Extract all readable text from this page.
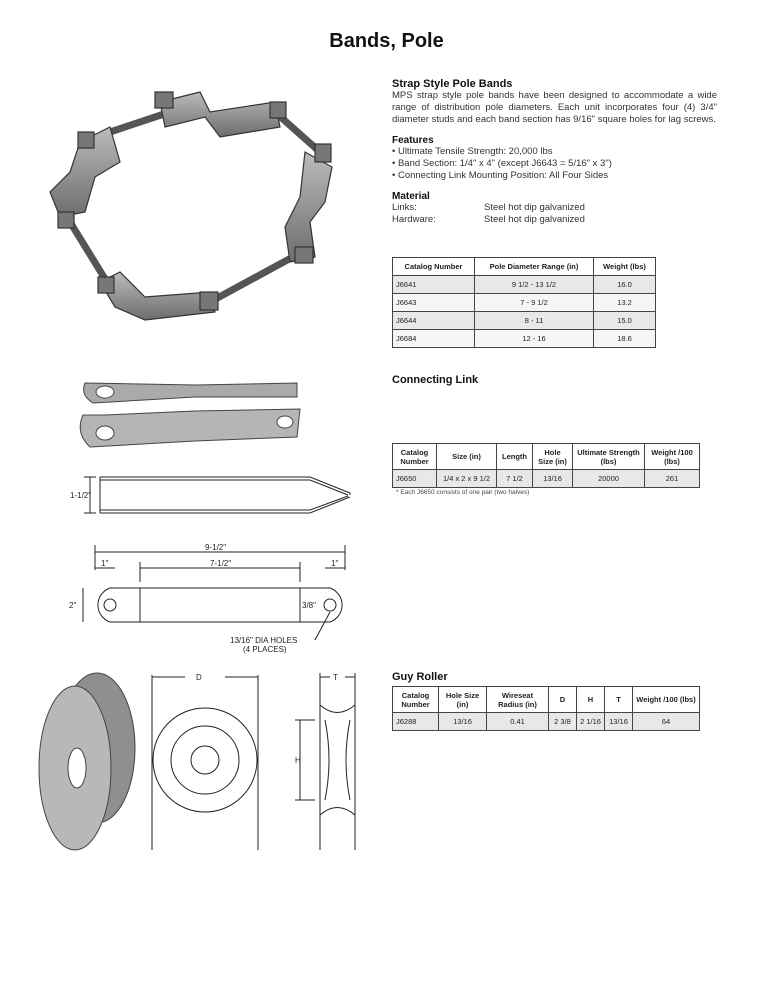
Bands, Pole
Strap Style Pole Bands
MPS strap style pole bands have been designed to accommodate a wide range of distribution pole diameters. Each unit incorporates four (4) 3/4" diameter studs and each band section has 9/16" square holes for lag screws.
Features
• Ultimate Tensile Strength: 20,000 lbs
• Band Section: 1/4" x 4" (except J6643 = 5/16" x 3")
• Connecting Link Mounting Position: All Four Sides
Material
Links:	Steel hot dip galvanized
Hardware:	Steel hot dip galvanized
Catalog Number	Pole Diameter Range (in)	Weight (lbs)
J6641	9 1/2 - 13 1/2	16.0
J6643	7 - 9 1/2	13.2
J6644	8 - 11	15.0
J6684	12 - 16	18.6
1-1/2"
9-1/2"
7-1/2"
1"	1"
2"	3/8"
13/16" DIA HOLES
(4 PLACES)
Connecting Link
Catalog Number	Size (in)	Length	Hole Size (in)	Ultimate Strength (lbs)	Weight /100 (lbs)
J6650	1/4 x 2 x 9 1/2	7 1/2	13/16	20000	261
* Each J6650 consists of one pair (two halves)
D	T
H
Guy Roller
Catalog Number	Hole Size (in)	Wireseat Radius (in)	D	H	T	Weight /100 (lbs)
J6288	13/16	0.41	2 3/8	2 1/16	13/16	64
